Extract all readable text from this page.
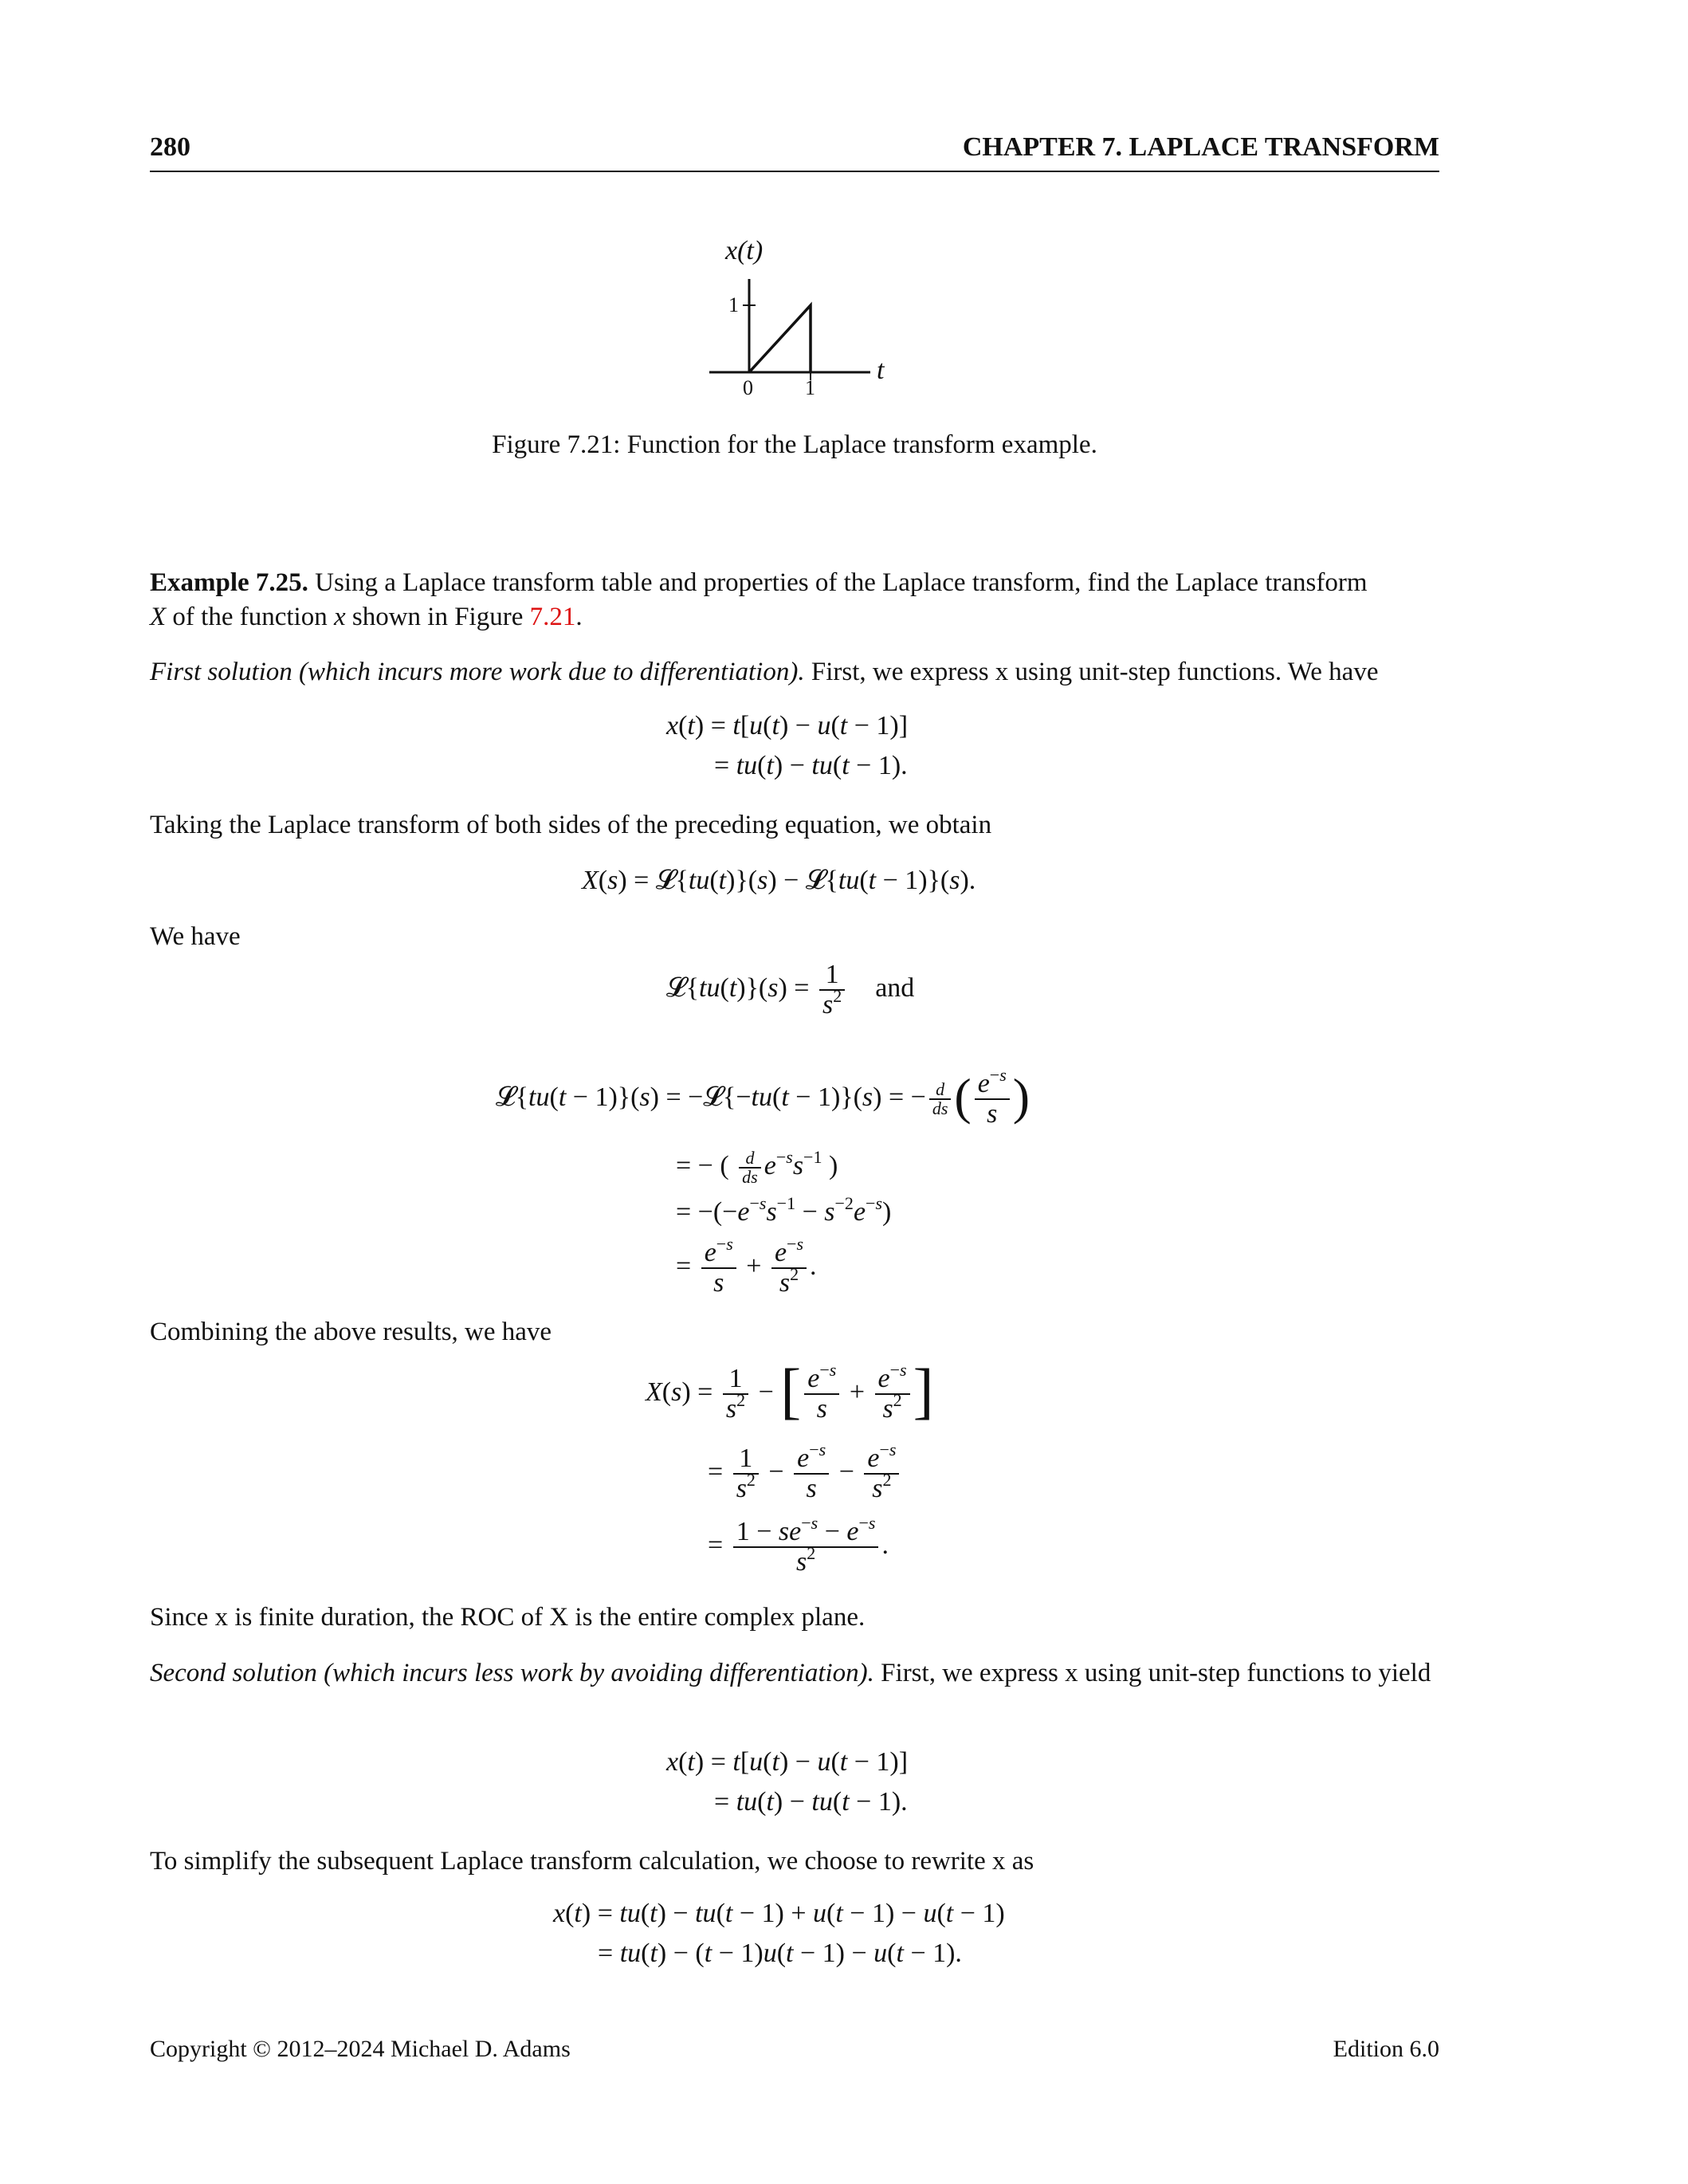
280	CHAPTER 7. LAPLACE TRANSFORM
x(t)
1
t
0	1
Figure 7.21: Function for the Laplace transform example.
Example 7.25. Using a Laplace transform table and properties of the Laplace transform, find the Laplace transform
X of the function x shown in Figure 7.21.
First solution (which incurs more work due to differentiation). First, we express x using unit-step functions. We have
x(t) = t[u(t) − u(t − 1)]
= tu(t) − tu(t − 1).
Taking the Laplace transform of both sides of the preceding equation, we obtain
X(s) = 𝓛{tu(t)}(s) − 𝓛{tu(t − 1)}(s).
We have
𝓛{tu(t)}(s) = $\frac{1}{s^2}$ and
𝓛{tu(t − 1)}(s) = −𝓛{−tu(t − 1)}(s) = − $\frac{d}{ds}$ ( $\frac{e^{-s}}{s}$ )
= − ( $\frac{d}{ds} e^{-s}s^{-1}$ )
= $-(-e^{-s}s^{-1} - s^{-2}e^{-s})$
= $\frac{e^{-s}}{s} + \frac{e^{-s}}{s^2}$ .
Combining the above results, we have
$X(s) = \frac{1}{s^2}$ − [ $\frac{e^{-s}}{s} + \frac{e^{-s}}{s^2}$ ]
= $\frac{1}{s^2} - \frac{e^{-s}}{s} - \frac{e^{-s}}{s^2}$
= $\frac{1 - se^{-s} - e^{-s}}{s^2}$ .
Since x is finite duration, the ROC of X is the entire complex plane.
Second solution (which incurs less work by avoiding differentiation). First, we express x using unit-step functions to yield
x(t) = t[u(t) − u(t − 1)]
= tu(t) − tu(t − 1).
To simplify the subsequent Laplace transform calculation, we choose to rewrite x as
x(t) = tu(t) − tu(t − 1) + u(t − 1) − u(t − 1)
= tu(t) − (t − 1)u(t − 1) − u(t − 1).
Copyright © 2012–2024 Michael D. Adams	Edition 6.0
